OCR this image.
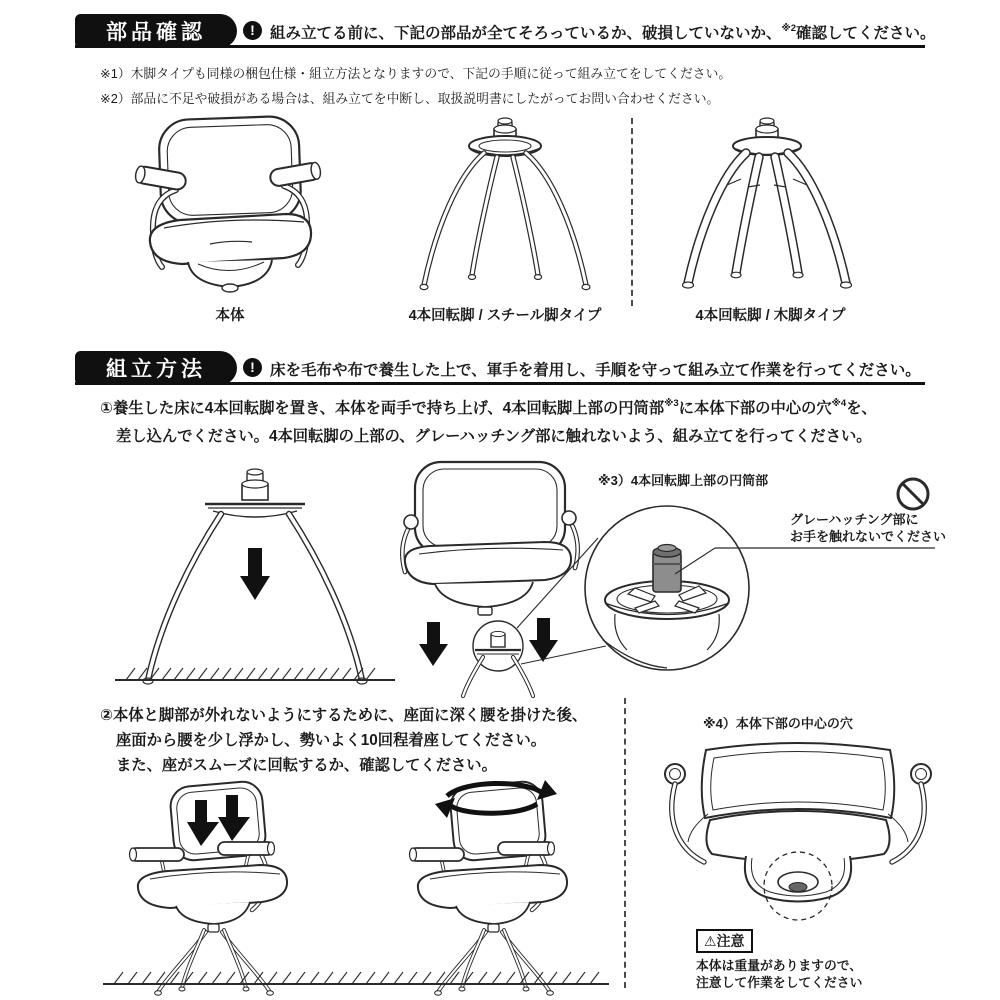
部品確認	! 組み立てる前に、下記の部品が全てそろっているか、破損していないか、$^{※2}$確認してください。
※1）木脚タイプも同様の梱包仕様・組立方法となりますので、下記の手順に従って組み立てをしてください。
※2）部品に不足や破損がある場合は、組み立てを中断し、取扱説明書にしたがってお問い合わせください。
本体	4本回転脚 / スチール脚タイプ	4本回転脚 / 木脚タイプ
組立方法	! 床を毛布や布で養生した上で、軍手を着用し、手順を守って組み立て作業を行ってください。
①養生した床に4本回転脚を置き、本体を両手で持ち上げ、4本回転脚上部の円筒部$^{※3}$に本体下部の中心の穴$^{※4}$を、
差し込んでください。4本回転脚の上部の、グレーハッチング部に触れないよう、組み立てを行ってください。
※3）4本回転脚上部の円筒部
グレーハッチング部に
お手を触れないでください
②本体と脚部が外れないようにするために、座面に深く腰を掛けた後、
座面から腰を少し浮かし、勢いよく10回程着座してください。
また、座がスムーズに回転するか、確認してください。
※4）本体下部の中心の穴
⚠注意
本体は重量がありますので、
注意して作業をしてください
